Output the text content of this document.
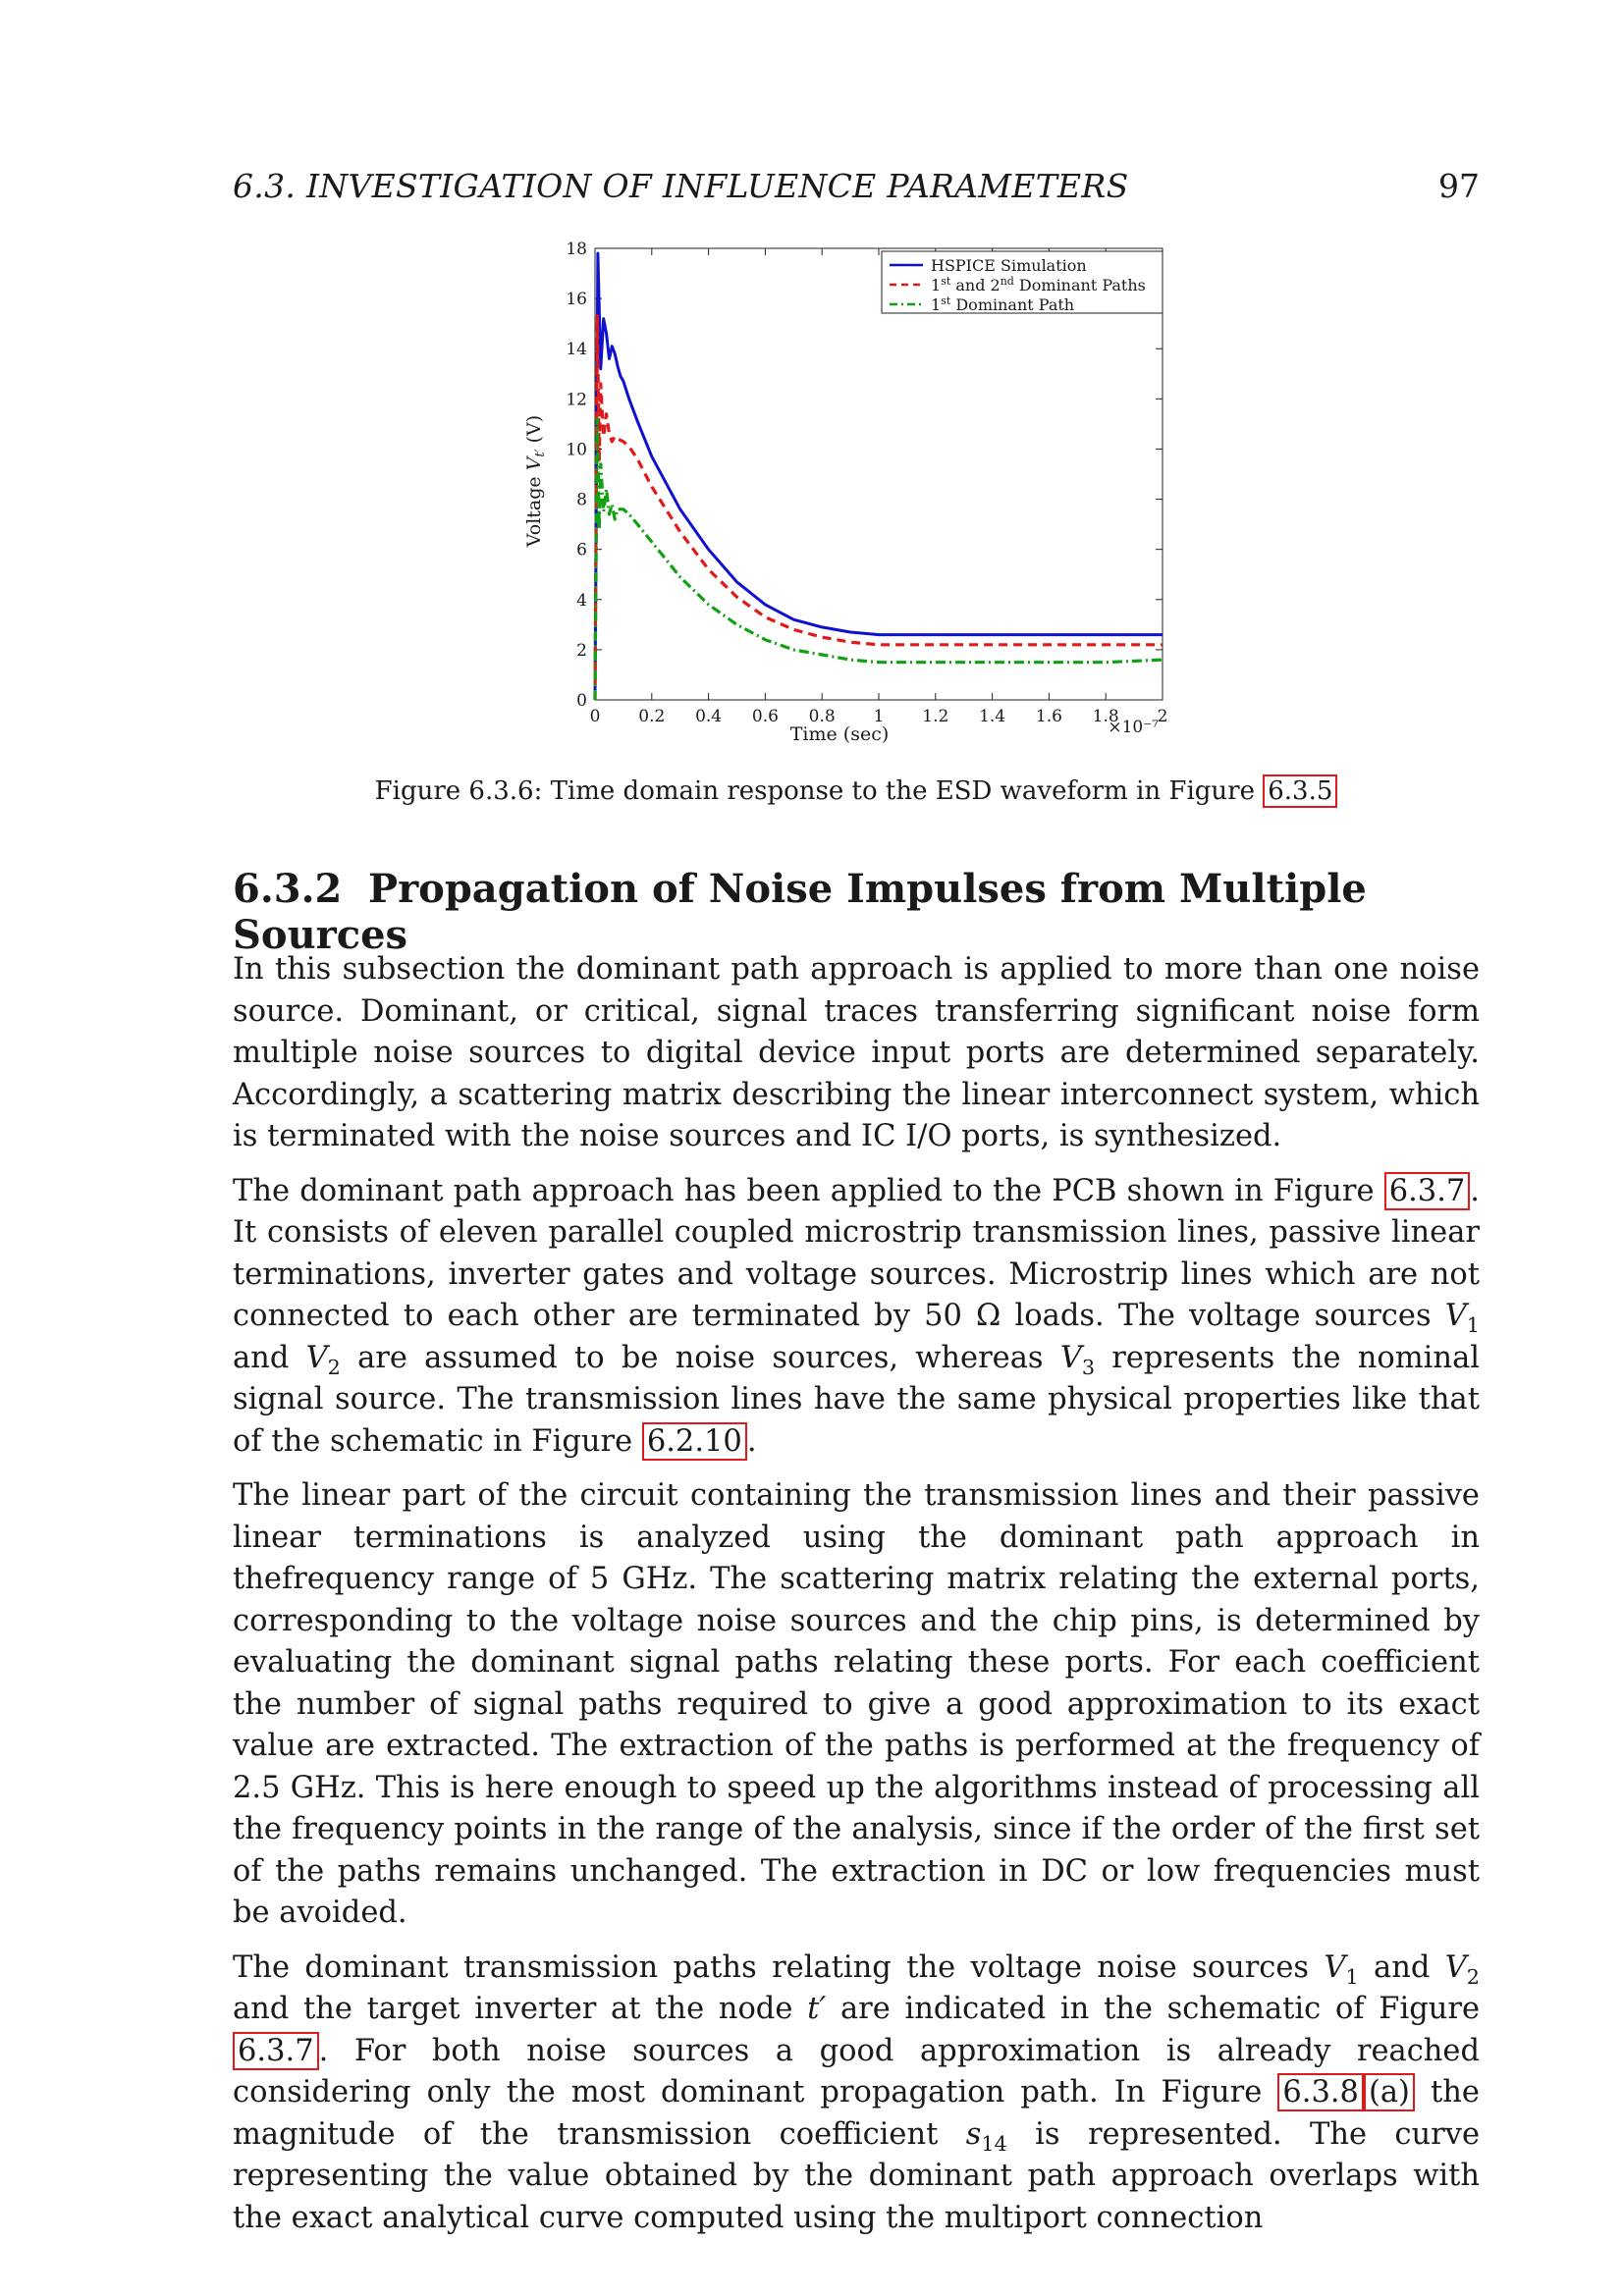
6.3. INVESTIGATION OF INFLUENCE PARAMETERS	97
0 0.2 0.4 0.6 0.8 1 1.2 1.4 1.6 1.8 2
0
2
4
6
8
10
12
14
16
18
Time (sec)	×10⁻⁷
Voltage $V_{t'}$ (V)
HSPICE Simulation
1st and 2nd Dominant Paths
1st Dominant Path
Figure 6.3.6: Time domain response to the ESD waveform in Figure 6.3.5
6.3.2 Propagation of Noise Impulses from Multiple Sources

In this subsection the dominant path approach is applied to more than one noise source. Dominant, or critical, signal traces transferring significant noise form multiple noise sources to digital device input ports are determined separately. Accordingly, a scattering matrix describing the linear interconnect system, which is terminated with the noise sources and IC I/O ports, is synthesized.

The dominant path approach has been applied to the PCB shown in Figure 6.3.7 . It consists of eleven parallel coupled microstrip transmission lines, passive linear terminations, inverter gates and voltage sources. Microstrip lines which are not connected to each other are terminated by 50 Ω loads. The voltage sources $V_1$ and $V_2$ are assumed to be noise sources, whereas $V_3$ represents the nominal signal source. The transmission lines have the same physical properties like that of the schematic in Figure 6.2.10 .

The linear part of the circuit containing the transmission lines and their passive linear terminations is analyzed using the dominant path approach in thefrequency range of 5 GHz. The scattering matrix relating the external ports, corresponding to the voltage noise sources and the chip pins, is determined by evaluating the dominant signal paths relating these ports. For each coefficient the number of signal paths required to give a good approximation to its exact value are extracted. The extraction of the paths is performed at the frequency of 2.5 GHz. This is here enough to speed up the algorithms instead of processing all the frequency points in the range of the analysis, since if the order of the first set of the paths remains unchanged. The extraction in DC or low frequencies must be avoided.

The dominant transmission paths relating the voltage noise sources $V_1$ and $V_2$ and the target inverter at the node t′ are indicated in the schematic of Figure 6.3.7 . For both noise sources a good approximation is already reached considering only the most dominant propagation path. In Figure 6.3.8 (a) the magnitude of the transmission coefficient $s_{14}$ is represented. The curve representing the value obtained by the dominant path approach overlaps with the exact analytical curve computed using the multiport connection
